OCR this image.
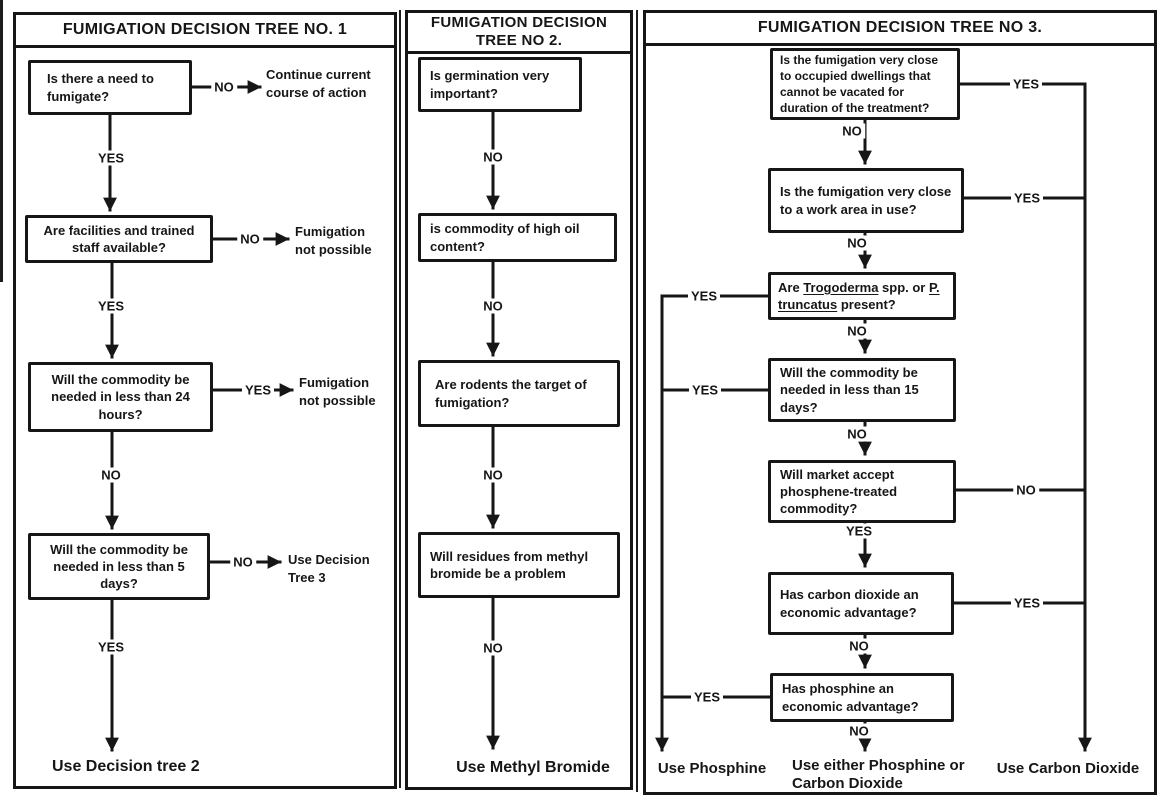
FUMIGATION DECISION TREE NO. 1	FUMIGATION DECISION TREE NO 2.
FUMIGATION DECISION TREE NO 3.
Is there a need to fumigate?
NO
Continue current course of action
YES
Are facilities and trained staff available?
NO	Fumigation not possible
YES
Will the commodity be needed in less than 24 hours?
YES Fumigation not possible
NO
Will the commodity be needed in less than 5 days?
NO	Use Decision Tree 3
YES
Use Decision tree 2
Is germination very important?
NO
is commodity of high oil content?
NO
Are rodents the target of fumigation?
NO
Will residues from methyl bromide be a problem
NO
Use Methyl Bromide
Is the fumigation very close to occupied dwellings that cannot be vacated for duration of the treatment?
YES
NO
Is the fumigation very close to a work area in use?
YES
NO
Are Trogoderma spp. or P. truncatus present?
YES
NO
Will the commodity be needed in less than 15 days?
YES
NO
Will market accept phosphene-treated commodity?
NO
YES
Has carbon dioxide an economic advantage?
YES
NO
Has phosphine an economic advantage?
YES
NO
Use Phosphine	Use either Phosphine or Carbon Dioxide
Use Carbon Dioxide
